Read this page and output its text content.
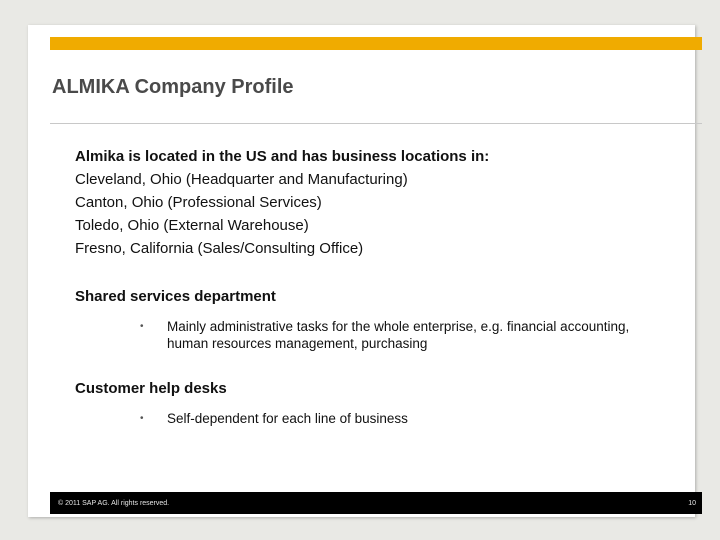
ALMIKA Company Profile

Almika is located in the US and has business locations in:

Cleveland, Ohio (Headquarter and Manufacturing)

Canton, Ohio (Professional Services)

Toledo, Ohio (External Warehouse)

Fresno, California (Sales/Consulting Office)

Shared services department

• Mainly administrative tasks for the whole enterprise, e.g. financial accounting, human resources management, purchasing

Customer help desks

• Self-dependent for each line of business
© 2011 SAP AG. All rights reserved.	10
